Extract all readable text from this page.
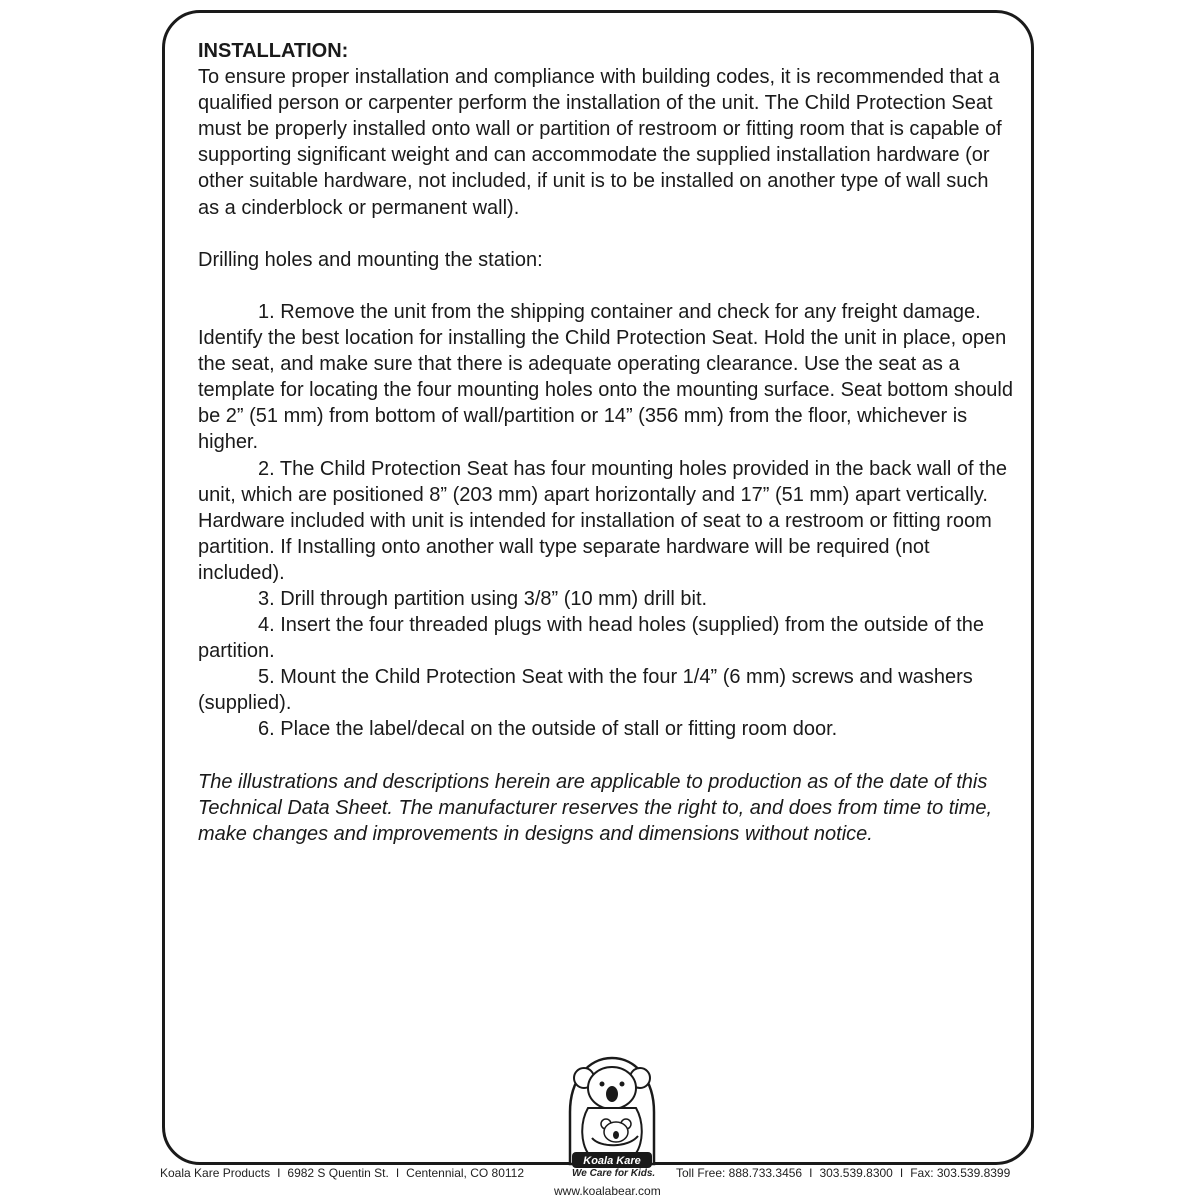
INSTALLATION:

To ensure proper installation and compliance with building codes, it is recommended that a qualified person or carpenter perform the installation of the unit. The Child Protection Seat must be properly installed onto wall or partition of restroom or fitting room that is capable of supporting significant weight and can accommodate the supplied installation hardware (or other suitable hardware, not included, if unit is to be installed on another type of wall such as a cinderblock or permanent wall).

Drilling holes and mounting the station:

1. Remove the unit from the shipping container and check for any freight damage. Identify the best location for installing the Child Protection Seat. Hold the unit in place, open the seat, and make sure that there is adequate operating clearance. Use the seat as a template for locating the four mounting holes onto the mounting surface. Seat bottom should be 2” (51 mm) from bottom of wall/partition or 14” (356 mm) from the floor, whichever is higher.

2. The Child Protection Seat has four mounting holes provided in the back wall of the unit, which are positioned 8” (203 mm) apart horizontally and 17” (51 mm) apart vertically. Hardware included with unit is intended for installation of seat to a restroom or fitting room partition. If Installing onto another wall type separate hardware will be required (not included).

3. Drill through partition using 3/8” (10 mm) drill bit.

4. Insert the four threaded plugs with head holes (supplied) from the outside of the partition.

5. Mount the Child Protection Seat with the four 1/4” (6 mm) screws and washers (supplied).

6. Place the label/decal on the outside of stall or fitting room door.

The illustrations and descriptions herein are applicable to production as of the date of this Technical Data Sheet. The manufacturer reserves the right to, and does from time to time, make changes and improvements in designs and dimensions without notice.

Koala Kare
Koala Kare Products I 6982 S Quentin St. I Centennial, CO 80112	We Care for Kids. Toll Free: 888.733.3456 I 303.539.8300 I Fax: 303.539.8399
www.koalabear.com
